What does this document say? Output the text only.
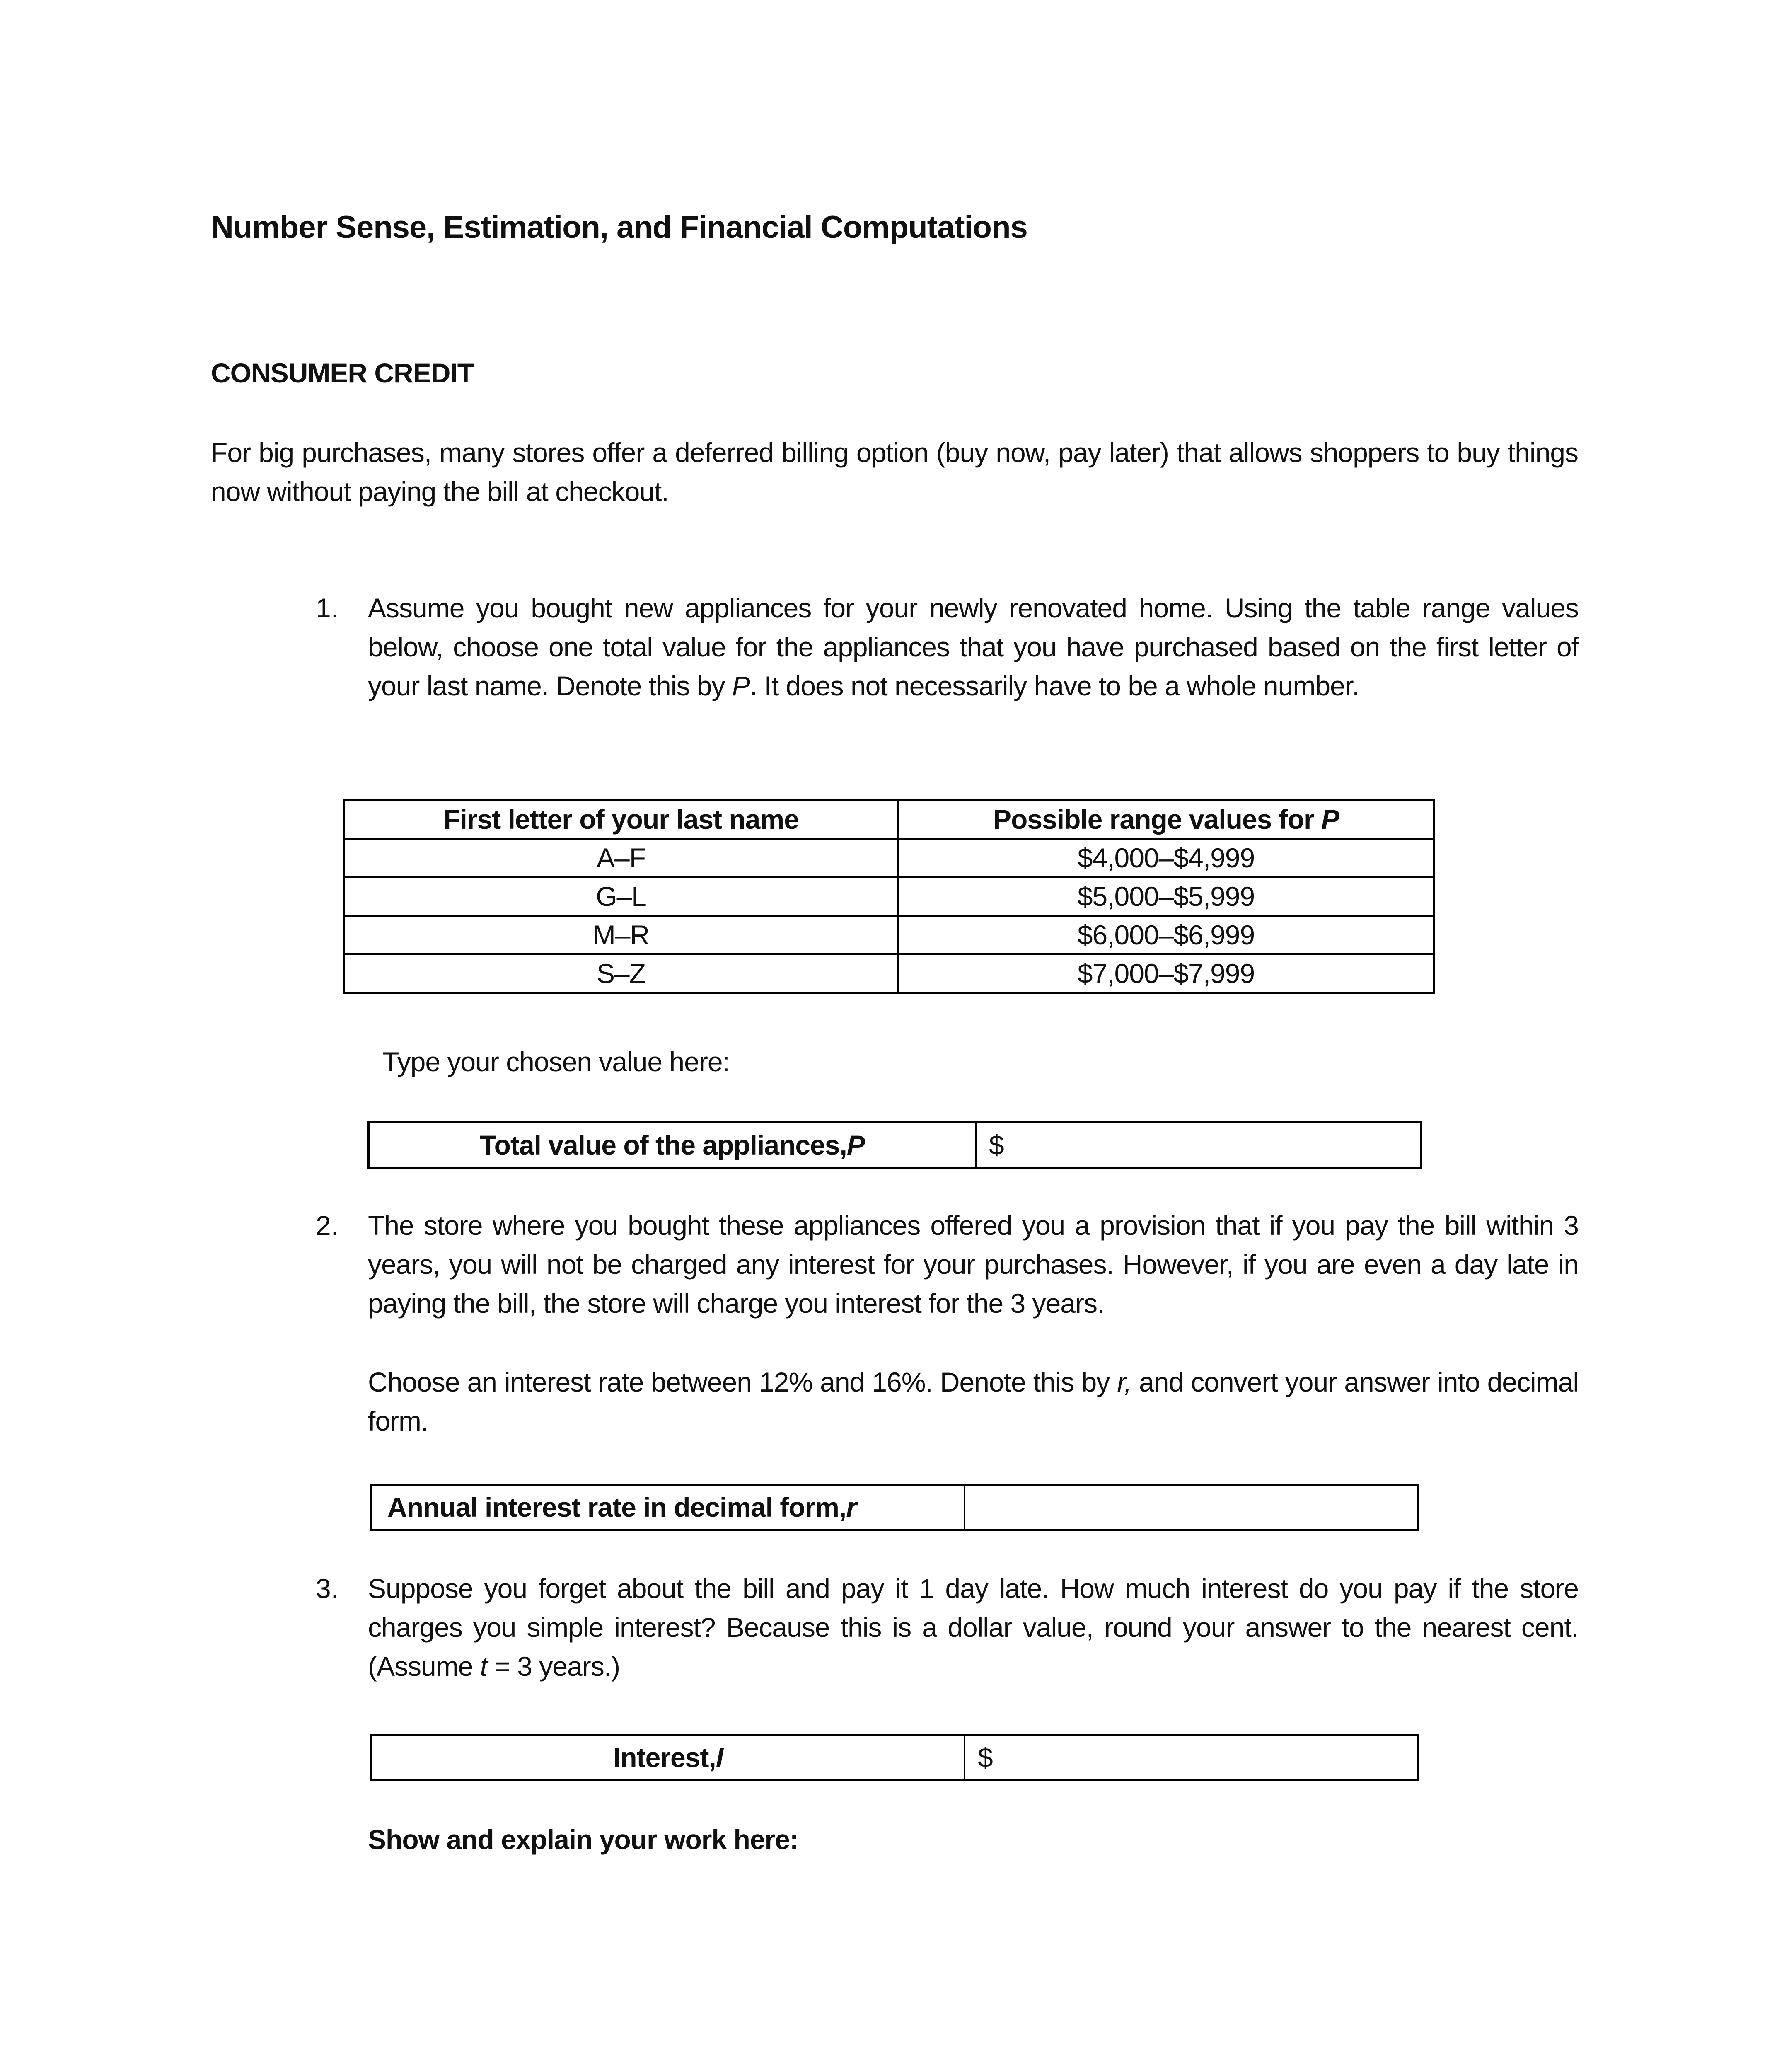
Number Sense, Estimation, and Financial Computations
CONSUMER CREDIT
For big purchases, many stores offer a deferred billing option (buy now, pay later) that allows shoppers to buy things now without paying the bill at checkout.
1. Assume you bought new appliances for your newly renovated home. Using the table range values below, choose one total value for the appliances that you have purchased based on the first letter of your last name. Denote this by P. It does not necessarily have to be a whole number.
First letter of your last name	Possible range values for P
A–F	$4,000–$4,999
G–L	$5,000–$5,999
M–R	$6,000–$6,999
S–Z	$7,000–$7,999
Type your chosen value here:
Total value of the appliances, P	$
2. The store where you bought these appliances offered you a provision that if you pay the bill within 3 years, you will not be charged any interest for your purchases. However, if you are even a day late in paying the bill, the store will charge you interest for the 3 years.
Choose an interest rate between 12% and 16%. Denote this by r, and convert your answer into decimal form.
Annual interest rate in decimal form, r
3. Suppose you forget about the bill and pay it 1 day late. How much interest do you pay if the store charges you simple interest? Because this is a dollar value, round your answer to the nearest cent. (Assume t = 3 years.)
Interest, I	$
Show and explain your work here:
